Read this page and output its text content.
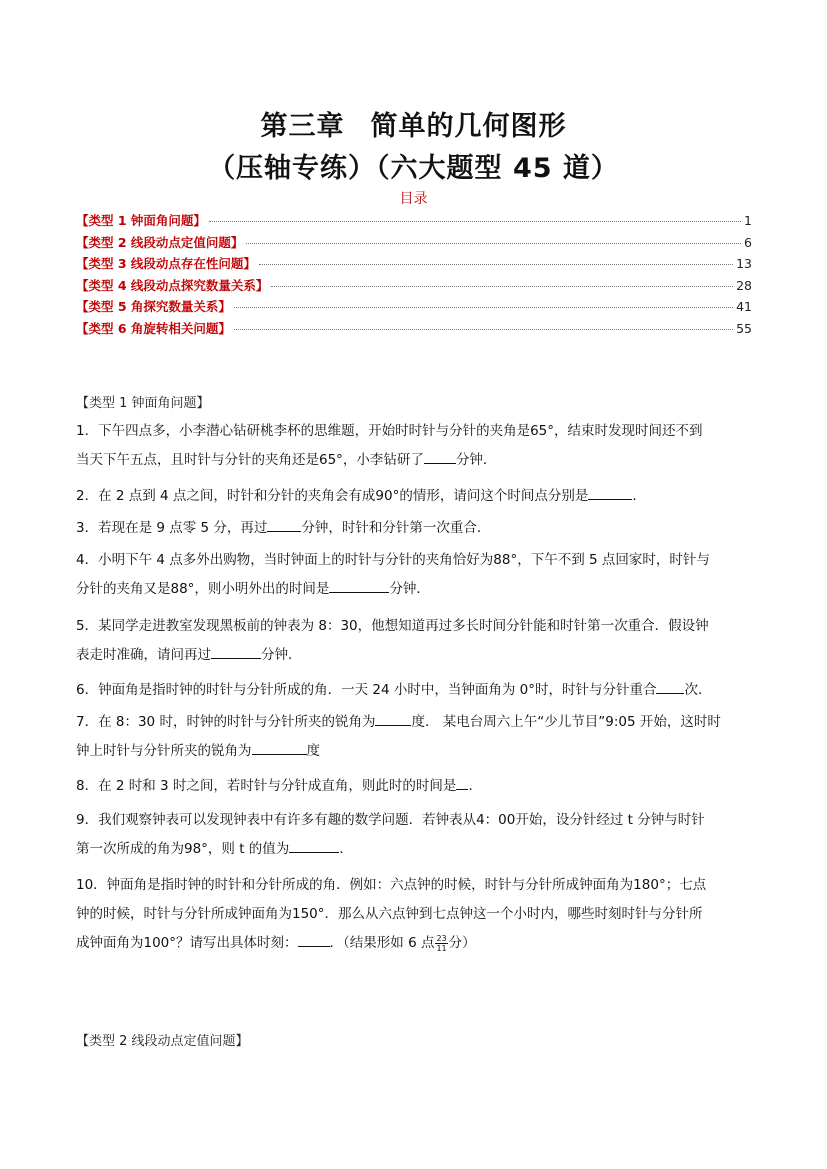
第三章 简单的几何图形
（压轴专练）（六大题型 45 道）
目录
【类型 1 钟面角问题】	1
【类型 2 线段动点定值问题】	6
【类型 3 线段动点存在性问题】	13
【类型 4 线段动点探究数量关系】	28
【类型 5 角探究数量关系】	41
【类型 6 角旋转相关问题】	55
【类型 1 钟面角问题】
1．下午四点多，小李潜心钻研桃李杯的思维题，开始时时针与分针的夹角是65°，结束时发现时间还不到
当天下午五点，且时针与分针的夹角还是65°，小李钻研了 分钟．
2．在 2 点到 4 点之间，时针和分针的夹角会有成90°的情形，请问这个时间点分别是	．
3．若现在是 9 点零 5 分，再过	分钟，时针和分针第一次重合．
4．小明下午 4 点多外出购物，当时钟面上的时针与分针的夹角恰好为88°，下午不到 5 点回家时，时针与
分针的夹角又是88°，则小明外出的时间是	分钟．
5．某同学走进教室发现黑板前的钟表为 8：30，他想知道再过多长时间分针能和时针第一次重合．假设钟
表走时准确，请问再过	分钟．
6．钟面角是指时钟的时针与分针所成的角．一天 24 小时中，当钟面角为 0°时，时针与分针重合 次．
7．在 8：30 时，时钟的时针与分针所夹的锐角为	度． 某电台周六上午“少儿节目”9:05 开始，这时时
钟上时针与分针所夹的锐角为	度
8．在 2 时和 3 时之间，若时针与分针成直角，则此时的时间是 ．
9．我们观察钟表可以发现钟表中有许多有趣的数学问题．若钟表从4：00开始，设分针经过 t 分钟与时针
第一次所成的角为98°，则 t 的值为	．
10．钟面角是指时钟的时针和分针所成的角．例如：六点钟的时候，时针与分针所成钟面角为180°；七点
钟的时候，时针与分针所成钟面角为150°．那么从六点钟到七点钟这一个小时内，哪些时刻时针与分针所
成钟面角为100°？请写出具体时刻： ．（结果形如 6 点 $\frac{23}{11}$ 分）
【类型 2 线段动点定值问题】
